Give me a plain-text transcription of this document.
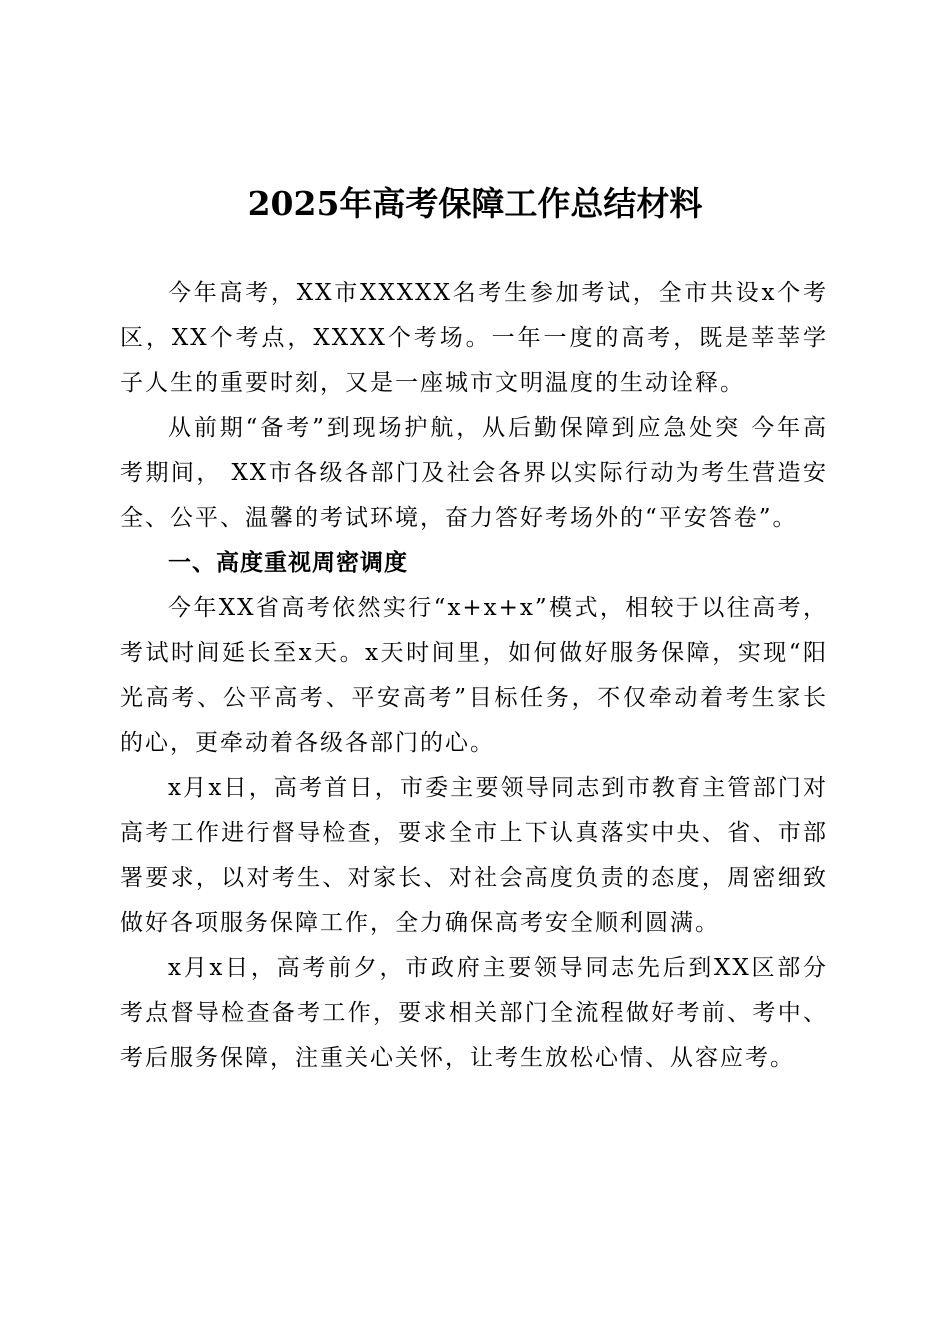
2025年高考保障工作总结材料

今年高考，XX市XXXXX名考生参加考试，全市共设x个考区，XX个考点，XXXX个考场。一年一度的高考，既是莘莘学子人生的重要时刻，又是一座城市文明温度的生动诠释。

从前期“备考”到现场护航，从后勤保障到应急处突 今年高考期间， XX市各级各部门及社会各界以实际行动为考生营造安全、公平、温馨的考试环境，奋力答好考场外的“平安答卷”。

一、高度重视周密调度

今年XX省高考依然实行“x+x+x”模式，相较于以往高考，考试时间延长至x天。x天时间里，如何做好服务保障，实现“阳光高考、公平高考、平安高考”目标任务，不仅牵动着考生家长的心，更牵动着各级各部门的心。

x月x日，高考首日，市委主要领导同志到市教育主管部门对高考工作进行督导检查，要求全市上下认真落实中央、省、市部署要求，以对考生、对家长、对社会高度负责的态度，周密细致做好各项服务保障工作，全力确保高考安全顺利圆满。

x月x日，高考前夕，市政府主要领导同志先后到XX区部分考点督导检查备考工作，要求相关部门全流程做好考前、考中、考后服务保障，注重关心关怀，让考生放松心情、从容应考。
